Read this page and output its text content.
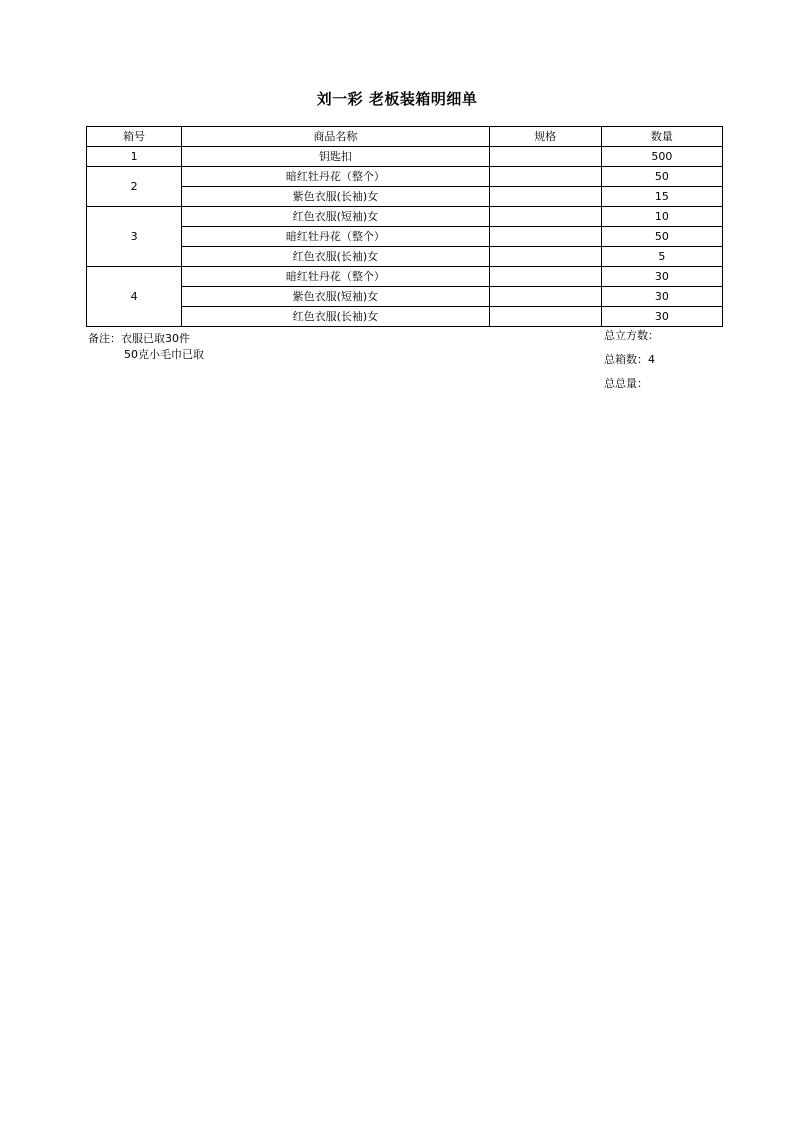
刘一彩 老板装箱明细单
箱号	商品名称	规格	数量
1	钥匙扣		500
2	暗红牡丹花（整个）		50
	紫色衣服(长袖)女		15
3	红色衣服(短袖)女		10
	暗红牡丹花（整个）		50
	红色衣服(长袖)女		5
4	暗红牡丹花（整个）		30
	紫色衣服(短袖)女		30
	红色衣服(长袖)女		30
备注：衣服已取30件
50克小毛巾已取
总立方数：
总箱数：4
总总量：
